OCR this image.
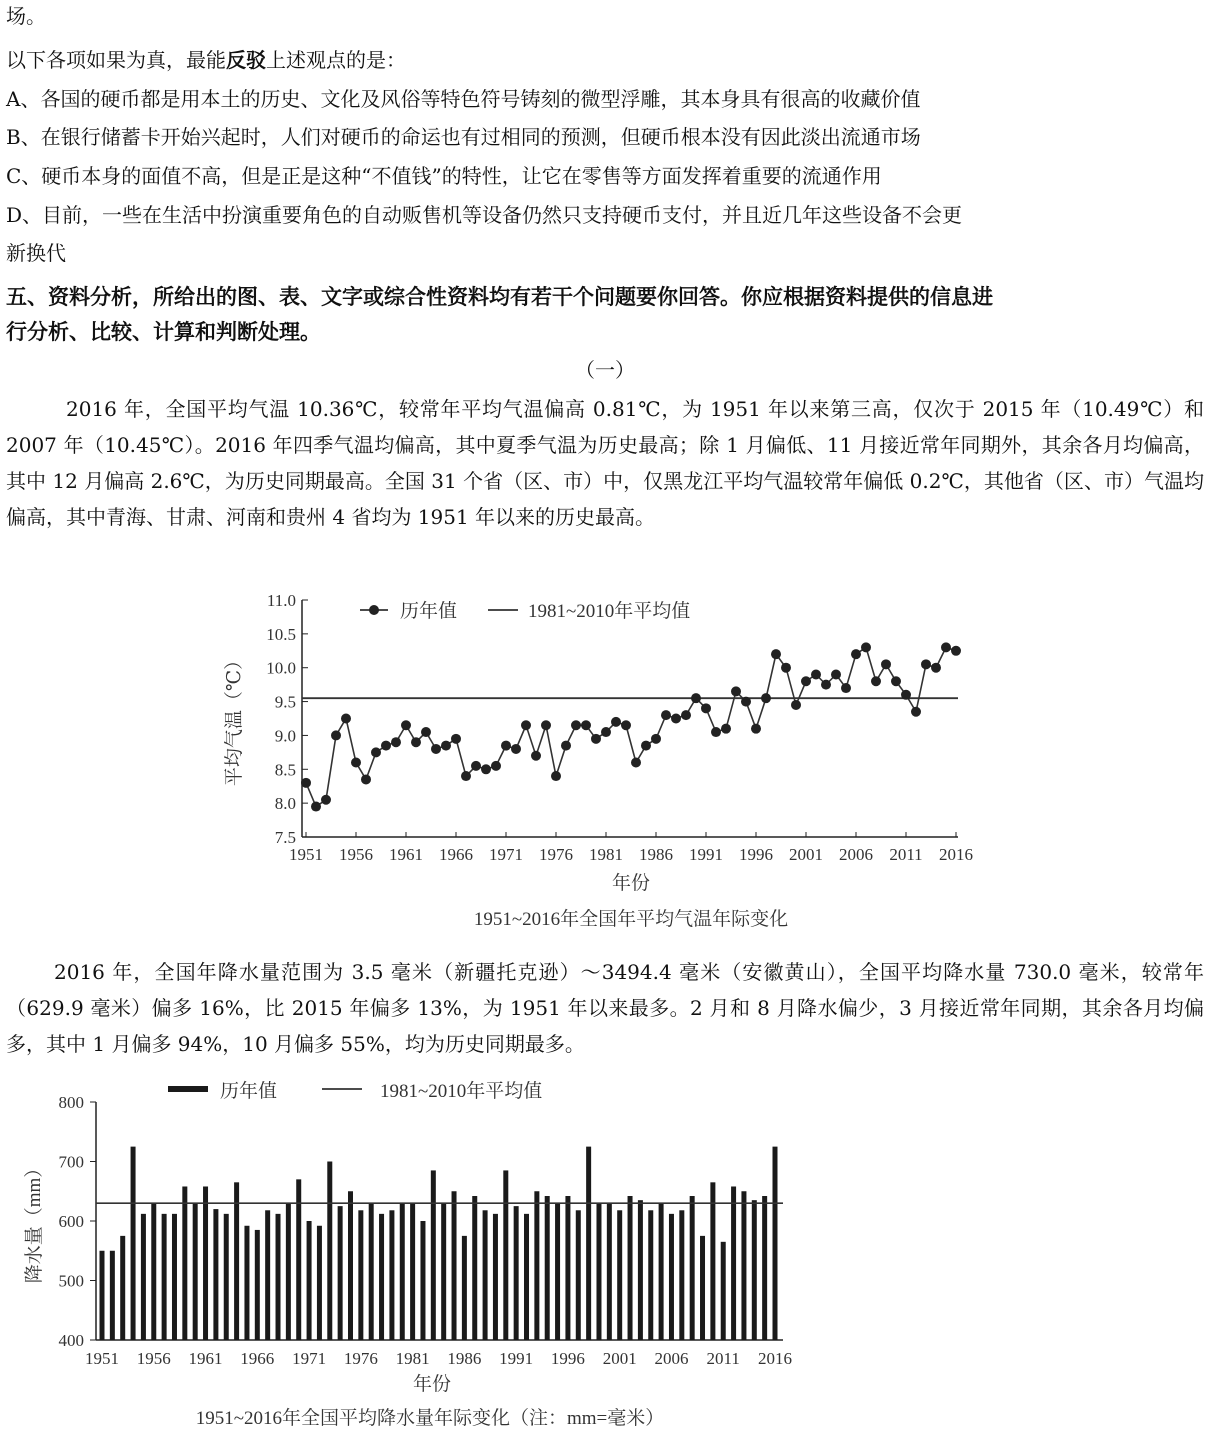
场。
以下各项如果为真，最能反驳上述观点的是：
A、各国的硬币都是用本土的历史、文化及风俗等特色符号铸刻的微型浮雕，其本身具有很高的收藏价值
B、在银行储蓄卡开始兴起时，人们对硬币的命运也有过相同的预测，但硬币根本没有因此淡出流通市场
C、硬币本身的面值不高，但是正是这种“不值钱”的特性，让它在零售等方面发挥着重要的流通作用
D、目前，一些在生活中扮演重要角色的自动贩售机等设备仍然只支持硬币支付，并且近几年这些设备不会更
新换代
五、资料分析，所给出的图、表、文字或综合性资料均有若干个问题要你回答。你应根据资料提供的信息进
行分析、比较、计算和判断处理。
（一）
2016 年，全国平均气温 10.36℃，较常年平均气温偏高 0.81℃，为 1951 年以来第三高，仅次于 2015 年（10.49℃）和 2007 年（10.45℃）。2016 年四季气温均偏高，其中夏季气温为历史最高；除 1 月偏低、11 月接近常年同期外，其余各月均偏高，其中 12 月偏高 2.6℃，为历史同期最高。全国 31 个省（区、市）中，仅黑龙江平均气温较常年偏低 0.2℃，其他省（区、市）气温均偏高，其中青海、甘肃、河南和贵州 4 省均为 1951 年以来的历史最高。
7.5
8.0
8.5
9.0
9.5
10.0
10.5
11.0
1951 1956 1961 1966 1971 1976 1981 1986 1991 1996 2001 2006 2011 2016
历年值	1981~2010年平均值
平均气温（℃）
年份
1951~2016年全国年平均气温年际变化
2016 年，全国年降水量范围为 3.5 毫米（新疆托克逊）～3494.4 毫米（安徽黄山），全国平均降水量 730.0 毫米，较常年（629.9 毫米）偏多 16%，比 2015 年偏多 13%，为 1951 年以来最多。2 月和 8 月降水偏少，3 月接近常年同期，其余各月均偏多，其中 1 月偏多 94%，10 月偏多 55%，均为历史同期最多。
400
500
600
700
800
1951 1956 1961 1966 1971 1976 1981 1986 1991 1996 2001 2006 2011 2016
历年值	1981~2010年平均值
降水量（mm）
年份
1951~2016年全国平均降水量年际变化（注：mm=毫米）
